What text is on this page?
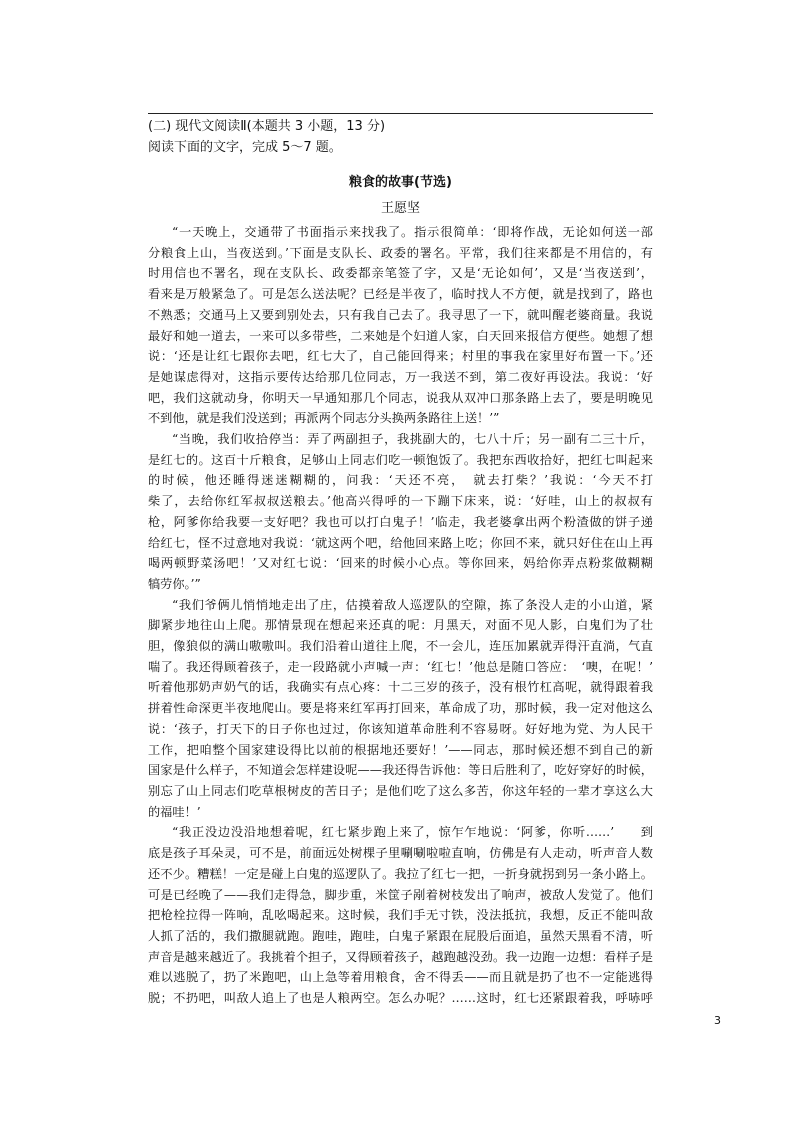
(二) 现代文阅读Ⅱ(本题共 3 小题，13 分)
阅读下面的文字，完成 5～7 题。
粮食的故事(节选)
王愿坚
“一天晚上，交通带了书面指示来找我了。指示很简单：‘即将作战，无论如何送一部
分粮食上山，当夜送到。’下面是支队长、政委的署名。平常，我们往来都是不用信的，有
时用信也不署名，现在支队长、政委都亲笔签了字，又是‘无论如何’，又是‘当夜送到’，
看来是万般紧急了。可是怎么送法呢？已经是半夜了，临时找人不方便，就是找到了，路也
不熟悉；交通马上又要到别处去，只有我自己去了。我寻思了一下，就叫醒老婆商量。我说
最好和她一道去，一来可以多带些，二来她是个妇道人家，白天回来报信方便些。她想了想
说：‘还是让红七跟你去吧，红七大了，自己能回得来；村里的事我在家里好布置一下。’还
是她谋虑得对，这指示要传达给那几位同志，万一我送不到，第二夜好再设法。我说：‘好
吧，我们这就动身，你明天一早通知那几个同志，说我从双冲口那条路上去了，要是明晚见
不到他，就是我们没送到；再派两个同志分头换两条路往上送！’”
“当晚，我们收拾停当：弄了两副担子，我挑副大的，七八十斤；另一副有二三十斤，
是红七的。这百十斤粮食，足够山上同志们吃一顿饱饭了。我把东西收拾好，把红七叫起来
的时候，他还睡得迷迷糊糊的，问我：‘天还不亮，　就去打柴？’我说：‘今天不打
柴了，去给你红军叔叔送粮去。’他高兴得呼的一下蹦下床来，说：‘好哇，山上的叔叔有
枪，阿爹你给我要一支好吧？我也可以打白鬼子！’临走，我老婆拿出两个粉渣做的饼子递
给红七，怪不过意地对我说：‘就这两个吧，给他回来路上吃；你回不来，就只好住在山上再
喝两顿野菜汤吧！’又对红七说：‘回来的时候小心点。等你回来，妈给你弄点粉浆做糊糊
犒劳你。’”
“我们爷俩儿悄悄地走出了庄，估摸着敌人巡逻队的空隙，拣了条没人走的小山道，紧
脚紧步地往山上爬。那情景现在想起来还真的呢：月黑天，对面不见人影，白鬼们为了壮
胆，像狼似的满山嗷嗷叫。我们沿着山道往上爬，不一会儿，连压加累就弄得汗直淌，气直
喘了。我还得顾着孩子，走一段路就小声喊一声：‘红七！’他总是随口答应：　‘噢，在呢！’
听着他那奶声奶气的话，我确实有点心疼：十二三岁的孩子，没有根竹杠高呢，就得跟着我
拼着性命深更半夜地爬山。要是将来红军再打回来，革命成了功，那时候，我一定对他这么
说：‘孩子，打天下的日子你也过过，你该知道革命胜利不容易呀。好好地为党、为人民干
工作，把咱整个国家建设得比以前的根据地还要好！’——同志，那时候还想不到自己的新
国家是什么样子，不知道会怎样建设呢——我还得告诉他：等日后胜利了，吃好穿好的时候，
别忘了山上同志们吃草根树皮的苦日子；是他们吃了这么多苦，你这年轻的一辈才享这么大
的福哇！’
“我正没边没沿地想着呢，红七紧步跑上来了，惊乍乍地说：‘阿爹，你听……’　　到
底是孩子耳朵灵，可不是，前面远处树棵子里唰唰啦啦直响，仿佛是有人走动，听声音人数
还不少。糟糕！一定是碰上白鬼的巡逻队了。我拉了红七一把，一折身就拐到另一条小路上。
可是已经晚了——我们走得急，脚步重，米筐子剐着树枝发出了响声，被敌人发觉了。他们
把枪栓拉得一阵响，乱吆喝起来。这时候，我们手无寸铁，没法抵抗，我想，反正不能叫敌
人抓了活的，我们撒腿就跑。跑哇，跑哇，白鬼子紧跟在屁股后面追，虽然天黑看不清，听
声音是越来越近了。我挑着个担子，又得顾着孩子，越跑越没劲。我一边跑一边想：看样子是
难以逃脱了，扔了米跑吧，山上急等着用粮食，舍不得丢——而且就是扔了也不一定能逃得
脱；不扔吧，叫敌人追上了也是人粮两空。怎么办呢？……这时，红七还紧跟着我，呼哧呼
3
